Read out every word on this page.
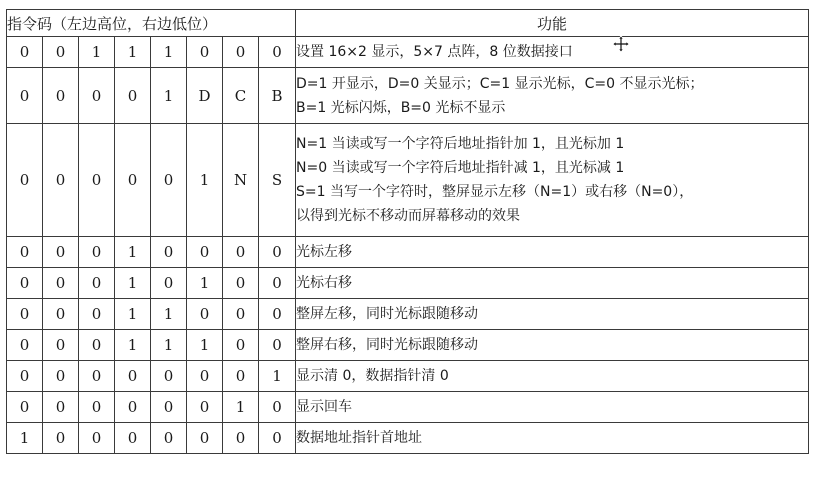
指令码（左边高位，右边低位）								功能
0	0	1	1	1	0	0	0	设置 16×2 显示，5×7 点阵，8 位数据接口

0	0	0	0	1	D	C	B	D=1 开显示，D=0 关显示；C=1 显示光标，C=0 不显示光标；
B=1 光标闪烁，B=0 光标不显示

0	0	0	0	0	1	N	S	N=1 当读或写一个字符后地址指针加 1，且光标加 1
N=0 当读或写一个字符后地址指针减 1，且光标减 1
S=1 当写一个字符时，整屏显示左移（N=1）或右移（N=0），
以得到光标不移动而屏幕移动的效果

0	0	0	1	0	0	0	0	光标左移

0	0	0	1	0	1	0	0	光标右移

0	0	0	1	1	0	0	0	整屏左移，同时光标跟随移动

0	0	0	1	1	1	0	0	整屏右移，同时光标跟随移动

0	0	0	0	0	0	0	1	显示清 0，数据指针清 0

0	0	0	0	0	0	1	0	显示回车

1	0	0	0	0	0	0	0	数据地址指针首地址
